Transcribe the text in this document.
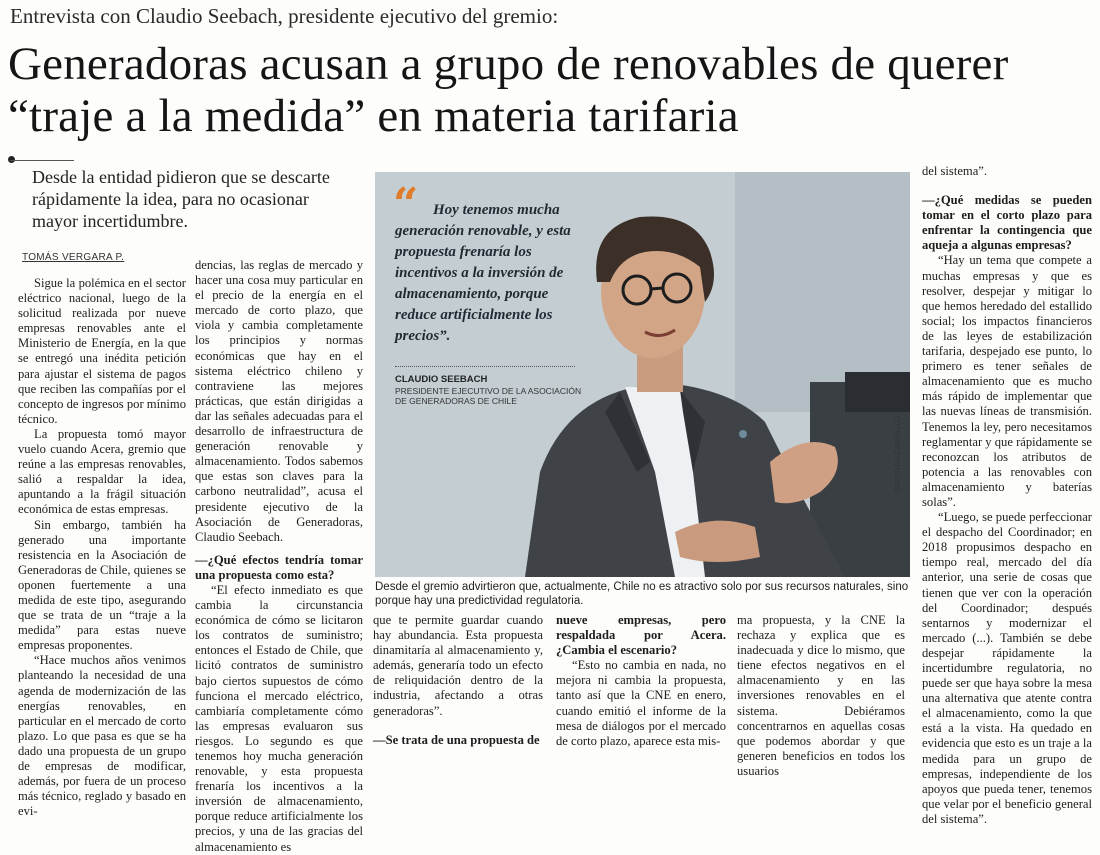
Entrevista con Claudio Seebach, presidente ejecutivo del gremio:
Generadoras acusan a grupo de renovables de querer “traje a la medida” en materia tarifaria
Desde la entidad pidieron que se descarte rápidamente la idea, para no ocasionar mayor incertidumbre.
TOMÁS VERGARA P.

Sigue la polémica en el sector eléctrico nacional, luego de la solicitud realizada por nueve empresas renovables ante el Ministerio de Energía, en la que se entregó una inédita petición para ajustar el sistema de pagos que reciben las compañías por el concepto de ingresos por mínimo técnico.

La propuesta tomó mayor vuelo cuando Acera, gremio que reúne a las empresas renovables, salió a respaldar la idea, apuntando a la frágil situación económica de estas empresas.

Sin embargo, también ha generado una importante resistencia en la Asociación de Generadoras de Chile, quienes se oponen fuertemente a una medida de este tipo, asegurando que se trata de un “traje a la medida” para estas nueve empresas proponentes.

“Hace muchos años venimos planteando la necesidad de una agenda de modernización de las energías renovables, en particular en el mercado de corto plazo. Lo que pasa es que se ha dado una propuesta de un grupo de empresas de modificar, además, por fuera de un proceso más técnico, reglado y basado en evi-

dencias, las reglas de mercado y hacer una cosa muy particular en el precio de la energía en el mercado de corto plazo, que viola y cambia completamente los principios y normas económicas que hay en el sistema eléctrico chileno y contraviene las mejores prácticas, que están dirigidas a dar las señales adecuadas para el desarrollo de infraestructura de generación renovable y almacenamiento. Todos sabemos que estas son claves para la carbono neutralidad”, acusa el presidente ejecutivo de la Asociación de Generadoras, Claudio Seebach.

—¿Qué efectos tendría tomar una propuesta como esta?

“El efecto inmediato es que cambia la circunstancia económica de cómo se licitaron los contratos de suministro; entonces el Estado de Chile, que licitó contratos de suministro bajo ciertos supuestos de cómo funciona el mercado eléctrico, cambiaría completamente cómo las empresas evaluaron sus riesgos. Lo segundo es que tenemos hoy mucha generación renovable, y esta propuesta frenaría los incentivos a la inversión de almacenamiento, porque reduce artificialmente los precios, y una de las gracias del almacenamiento es

“ Hoy tenemos mucha generación renovable, y esta propuesta frenaría los incentivos a la inversión de almacenamiento, porque reduce artificialmente los precios”.
CLAUDIO SEEBACH
PRESIDENTE EJECUTIVO DE LA ASOCIACIÓN DE GENERADORAS DE CHILE
CRISTIÁN CARVALLO
Desde el gremio advirtieron que, actualmente, Chile no es atractivo solo por sus recursos naturales, sino porque hay una predictividad regulatoria.

que te permite guardar cuando hay abundancia. Esta propuesta dinamitaría al almacenamiento y, además, generaría todo un efecto de reliquidación dentro de la industria, afectando a otras generadoras”.

—Se trata de una propuesta de

nueve empresas, pero respaldada por Acera. ¿Cambia el escenario?

“Esto no cambia en nada, no mejora ni cambia la propuesta, tanto así que la CNE en enero, cuando emitió el informe de la mesa de diálogos por el mercado de corto plazo, aparece esta mis-

ma propuesta, y la CNE la rechaza y explica que es inadecuada y dice lo mismo, que tiene efectos negativos en el almacenamiento y en las inversiones renovables en el sistema. Debiéramos concentrarnos en aquellas cosas que podemos abordar y que generen beneficios en todos los usuarios

del sistema”.

—¿Qué medidas se pueden tomar en el corto plazo para enfrentar la contingencia que aqueja a algunas empresas?

“Hay un tema que compete a muchas empresas y que es resolver, despejar y mitigar lo que hemos heredado del estallido social; los impactos financieros de las leyes de estabilización tarifaria, despejado ese punto, lo primero es tener señales de almacenamiento que es mucho más rápido de implementar que las nuevas líneas de transmisión. Tenemos la ley, pero necesitamos reglamentar y que rápidamente se reconozcan los atributos de potencia a las renovables con almacenamiento y baterías solas”.

“Luego, se puede perfeccionar el despacho del Coordinador; en 2018 propusimos despacho en tiempo real, mercado del día anterior, una serie de cosas que tienen que ver con la operación del Coordinador; después sentarnos y modernizar el mercado (...). También se debe despejar rápidamente la incertidumbre regulatoria, no puede ser que haya sobre la mesa una alternativa que atente contra el almacenamiento, como la que está a la vista. Ha quedado en evidencia que esto es un traje a la medida para un grupo de empresas, independiente de los apoyos que pueda tener, tenemos que velar por el beneficio general del sistema”.
